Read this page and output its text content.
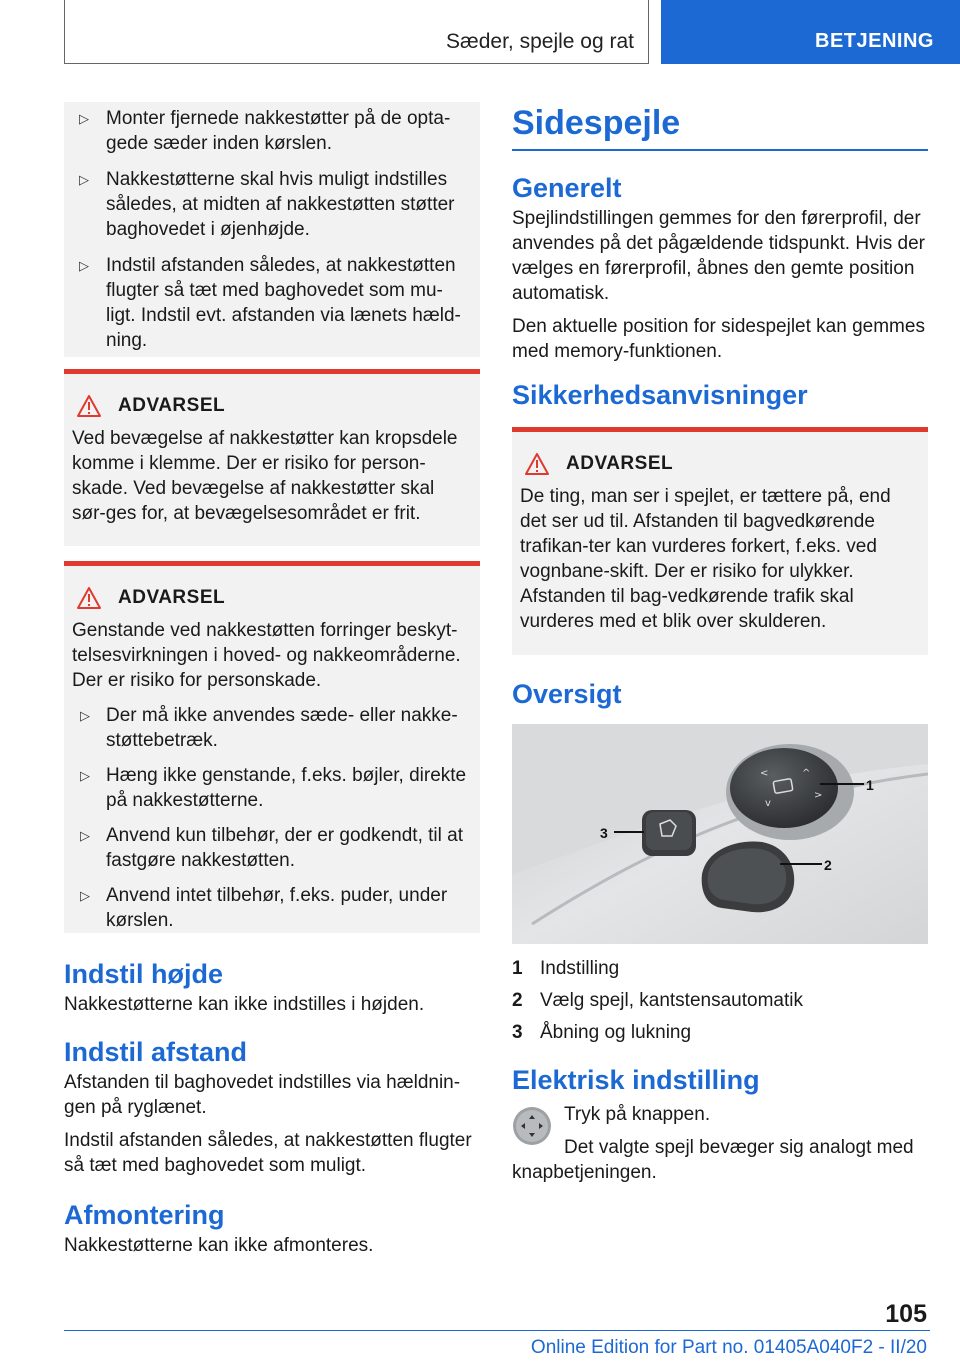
Sæder, spejle og rat	BETJENING
▷ Monter fjernede nakkestøtter på de opta-
gede sæder inden kørslen.
▷ Nakkestøtterne skal hvis muligt indstilles
således, at midten af nakkestøtten støtter
baghovedet i øjenhøjde.
▷ Indstil afstanden således, at nakkestøtten
flugter så tæt med baghovedet som mu-
ligt. Indstil evt. afstanden via lænets hæld-
ning.
ADVARSEL

Ved bevægelse af nakkestøtter kan kropsdele komme i klemme. Der er risiko for person-skade. Ved bevægelse af nakkestøtter skal sør-ges for, at bevægelsesområdet er frit.

ADVARSEL

Genstande ved nakkestøtten forringer beskyt-telsesvirkningen i hoved- og nakkeområderne. Der er risiko for personskade.

▷ Der må ikke anvendes sæde- eller nakke-støttebetræk.
▷ Hæng ikke genstande, f.eks. bøjler, direkte på nakkestøtterne.
▷ Anvend kun tilbehør, der er godkendt, til at fastgøre nakkestøtten.
▷ Anvend intet tilbehør, f.eks. puder, under kørslen.
Indstil højde

Nakkestøtterne kan ikke indstilles i højden.

Indstil afstand

Afstanden til baghovedet indstilles via hældnin-gen på ryglænet.

Indstil afstanden således, at nakkestøtten flugter så tæt med baghovedet som muligt.

Afmontering

Nakkestøtterne kan ikke afmonteres.

Sidespejle
Generelt

Spejlindstillingen gemmes for den førerprofil, der anvendes på det pågældende tidspunkt. Hvis der vælges en førerprofil, åbnes den gemte position automatisk.

Den aktuelle position for sidespejlet kan gemmes med memory-funktionen.

Sikkerhedsanvisninger
ADVARSEL

De ting, man ser i spejlet, er tættere på, end det ser ud til. Afstanden til bagvedkørende trafikan-ter kan vurderes forkert, f.eks. ved vognbane-skift. Der er risiko for ulykker. Afstanden til bag-vedkørende trafik skal vurderes med et blik over skulderen.

Oversigt
<	^
>
v
1
2
3
1 Indstilling
2 Vælg spejl, kantstensautomatik
3 Åbning og lukning
Elektrisk indstilling

Tryk på knappen.

Det valgte spejl bevæger sig analogt med knapbetjeningen.

105
Online Edition for Part no. 01405A040F2 - II/20
